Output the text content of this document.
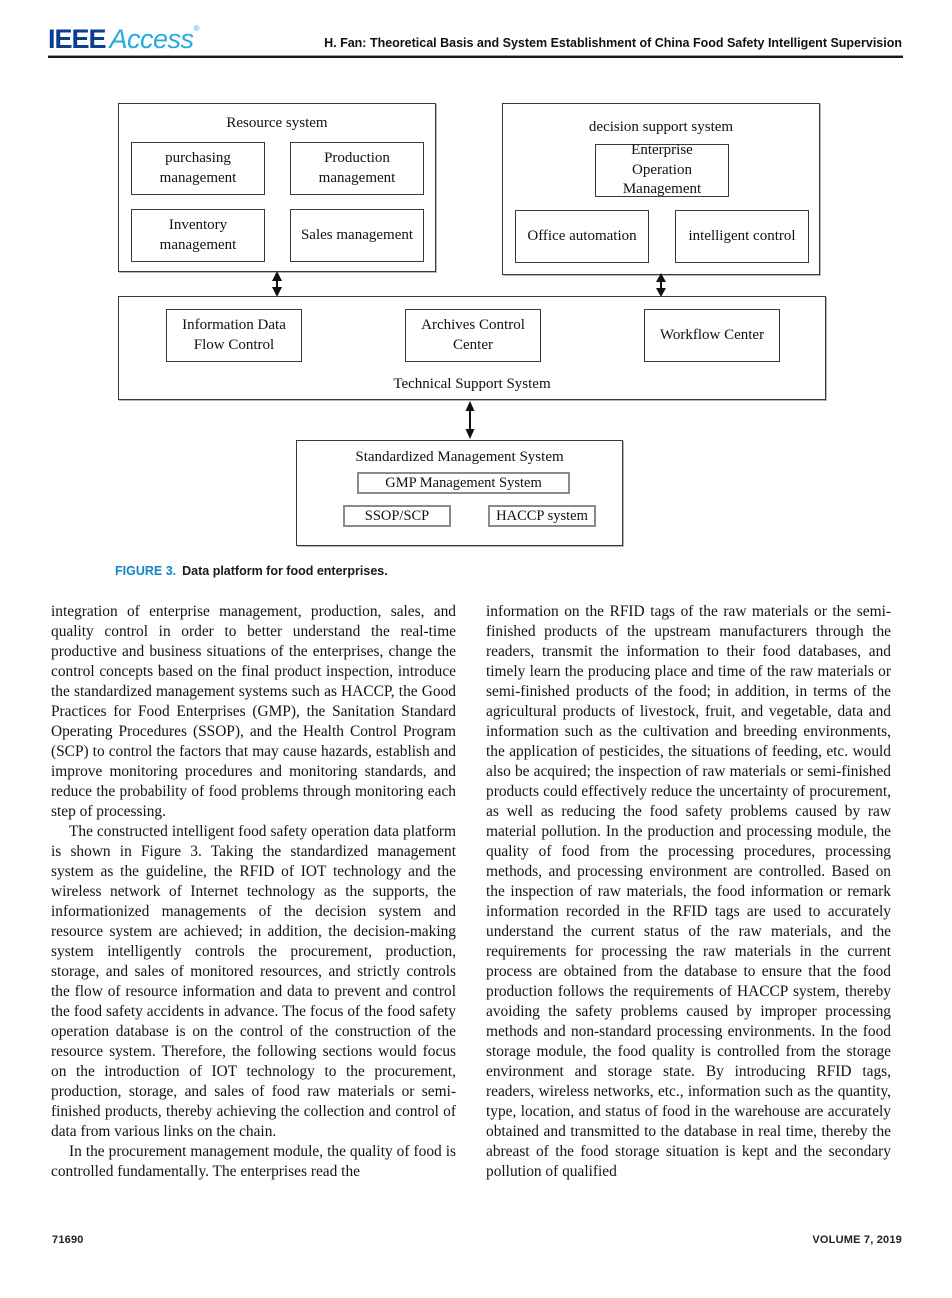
IEEE Access®
H. Fan: Theoretical Basis and System Establishment of China Food Safety Intelligent Supervision
Resource system
purchasing management
Production management
Inventory management
Sales management
decision support system
Enterprise Operation Management
Office automation	intelligent control
Information Data Flow Control
Archives Control Center
Workflow Center
Technical Support System
Standardized Management System
GMP Management System
SSOP/SCP	HACCP system
FIGURE 3. Data platform for food enterprises.

integration of enterprise management, production, sales, and quality control in order to better understand the real-time productive and business situations of the enterprises, change the control concepts based on the final product inspection, introduce the standardized management systems such as HACCP, the Good Practices for Food Enterprises (GMP), the Sanitation Standard Operating Procedures (SSOP), and the Health Control Program (SCP) to control the factors that may cause hazards, establish and improve monitoring procedures and monitoring standards, and reduce the probability of food problems through monitoring each step of processing.

The constructed intelligent food safety operation data platform is shown in Figure 3. Taking the standardized management system as the guideline, the RFID of IOT technology and the wireless network of Internet technology as the supports, the informationized managements of the decision system and resource system are achieved; in addition, the decision-making system intelligently controls the procurement, production, storage, and sales of monitored resources, and strictly controls the flow of resource information and data to prevent and control the food safety accidents in advance. The focus of the food safety operation database is on the control of the construction of the resource system. Therefore, the following sections would focus on the introduction of IOT technology to the procurement, production, storage, and sales of food raw materials or semi-finished products, thereby achieving the collection and control of data from various links on the chain.

In the procurement management module, the quality of food is controlled fundamentally. The enterprises read the

information on the RFID tags of the raw materials or the semi-finished products of the upstream manufacturers through the readers, transmit the information to their food databases, and timely learn the producing place and time of the raw materials or semi-finished products of the food; in addition, in terms of the agricultural products of livestock, fruit, and vegetable, data and information such as the cultivation and breeding environments, the application of pesticides, the situations of feeding, etc. would also be acquired; the inspection of raw materials or semi-finished products could effectively reduce the uncertainty of procurement, as well as reducing the food safety problems caused by raw material pollution. In the production and processing module, the quality of food from the processing procedures, processing methods, and processing environment are controlled. Based on the inspection of raw materials, the food information or remark information recorded in the RFID tags are used to accurately understand the current status of the raw materials, and the requirements for processing the raw materials in the current process are obtained from the database to ensure that the food production follows the requirements of HACCP system, thereby avoiding the safety problems caused by improper processing methods and non-standard processing environments. In the food storage module, the food quality is controlled from the storage environment and storage state. By introducing RFID tags, readers, wireless networks, etc., information such as the quantity, type, location, and status of food in the warehouse are accurately obtained and transmitted to the database in real time, thereby the abreast of the food storage situation is kept and the secondary pollution of qualified

71690	VOLUME 7, 2019
